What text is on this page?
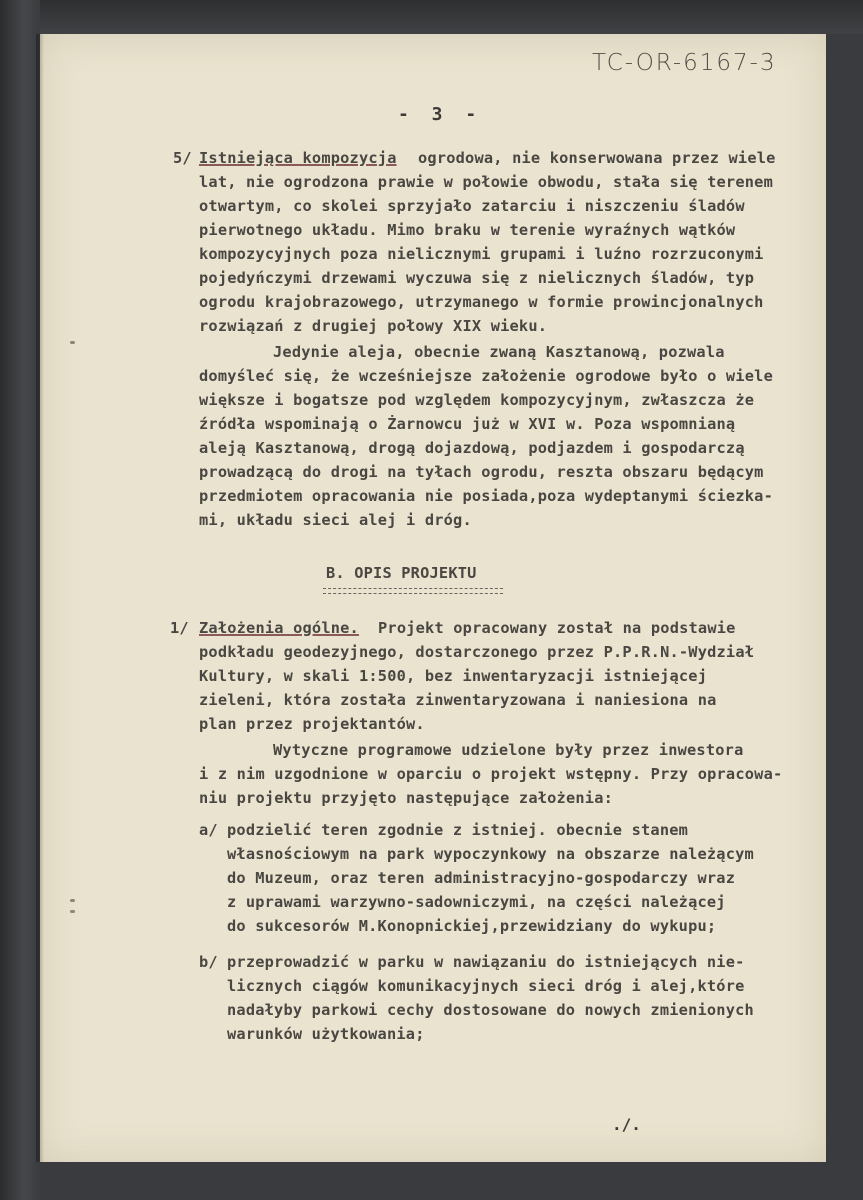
TC-OR-6167-3
- 3 -
5/ Istniejąca kompozycja ogrodowa, nie konserwowana przez wiele
lat, nie ogrodzona prawie w połowie obwodu, stała się terenem
otwartym, co skolei sprzyjało zatarciu i niszczeniu śladów
pierwotnego układu. Mimo braku w terenie wyraźnych wątków
kompozycyjnych poza nielicznymi grupami i luźno rozrzuconymi
pojedyńczymi drzewami wyczuwa się z nielicznych śladów, typ
ogrodu krajobrazowego, utrzymanego w formie prowincjonalnych
rozwiązań z drugiej połowy XIX wieku.
Jedynie aleja, obecnie zwaną Kasztanową, pozwala
domyśleć się, że wcześniejsze założenie ogrodowe było o wiele
większe i bogatsze pod względem kompozycyjnym, zwłaszcza że
źródła wspominają o Żarnowcu już w XVI w. Poza wspomnianą
aleją Kasztanową, drogą dojazdową, podjazdem i gospodarczą
prowadzącą do drogi na tyłach ogrodu, reszta obszaru będącym
przedmiotem opracowania nie posiada,poza wydeptanymi ściezka-
mi, układu sieci alej i dróg.
B. OPIS PROJEKTU
1/ Założenia ogólne. Projekt opracowany został na podstawie
podkładu geodezyjnego, dostarczonego przez P.P.R.N.-Wydział
Kultury, w skali 1:500, bez inwentaryzacji istniejącej
zieleni, która została zinwentaryzowana i naniesiona na
plan przez projektantów.
Wytyczne programowe udzielone były przez inwestora
i z nim uzgodnione w oparciu o projekt wstępny. Przy opracowa-
niu projektu przyjęto następujące założenia:
a/ podzielić teren zgodnie z istniej. obecnie stanem
własnościowym na park wypoczynkowy na obszarze należącym
do Muzeum, oraz teren administracyjno-gospodarczy wraz
z uprawami warzywno-sadowniczymi, na części należącej
do sukcesorów M.Konopnickiej,przewidziany do wykupu;
b/ przeprowadzić w parku w nawiązaniu do istniejących nie-
licznych ciągów komunikacyjnych sieci dróg i alej,które
nadałyby parkowi cechy dostosowane do nowych zmienionych
warunków użytkowania;
./.
